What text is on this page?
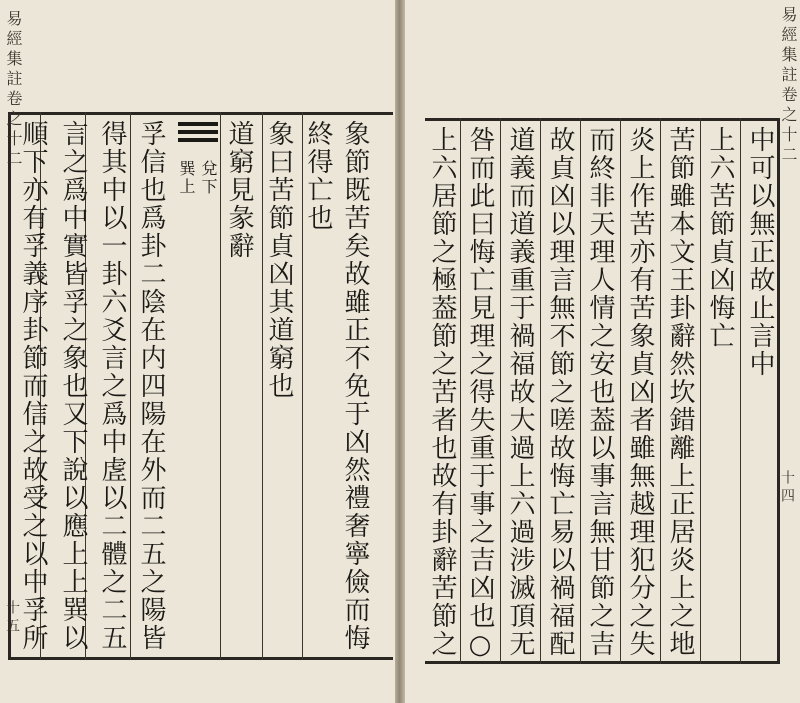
易經集註卷之十二
十五	象節既苦矣故雖正不免于凶然禮奢寧儉而悔
終得亡也
象曰苦節貞凶其道窮也
道窮見彖辭
兌下
巽上
孚信也爲卦二陰在内四陽在外而二五之陽皆
得其中以一卦六爻言之爲中虗以二體之二五
言之爲中實皆孚之象也又下說以應上上巽以
順下亦有孚義序卦節而信之故受之以中孚所
易經集註卷之十二
十四
中可以無正故止言中
上六苦節貞凶悔亡
苦節雖本文王卦辭然坎錯離上正居炎上之地
炎上作苦亦有苦象貞凶者雖無越理犯分之失
而終非天理人情之安也葢以事言無甘節之吉
故貞凶以理言無不節之嗟故悔亡易以禍福配
道義而道義重于禍福故大過上六過涉滅頂无
咎而此曰悔亡見理之得失重于事之吉凶也○
上六居節之極葢節之苦者也故有卦辭苦節之
